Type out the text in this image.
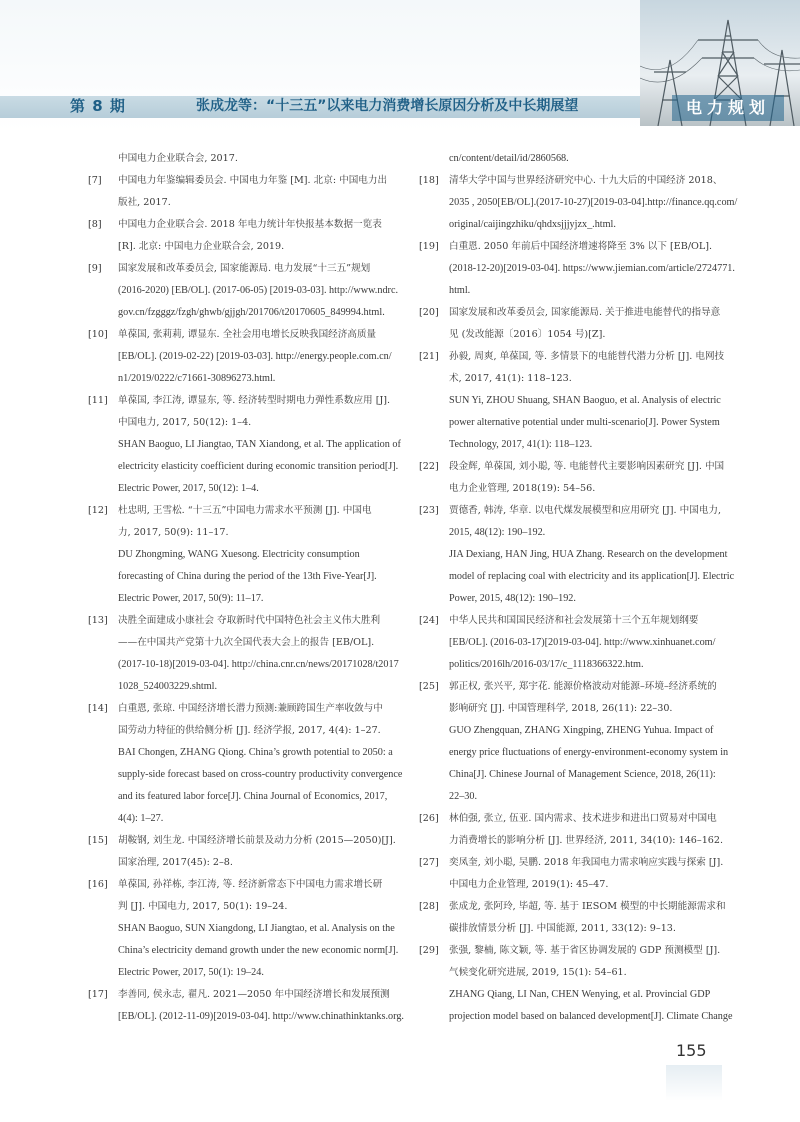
第 8 期	张成龙等：“十三五”以来电力消费增长原因分析及中长期展望	电力规划
中国电力企业联合会, 2017.
[7] 中国电力年鉴编辑委员会. 中国电力年鉴 [M]. 北京: 中国电力出
版社, 2017.
[8] 中国电力企业联合会. 2018 年电力统计年快报基本数据一览表
[R]. 北京: 中国电力企业联合会, 2019.
[9] 国家发展和改革委员会, 国家能源局. 电力发展“十三五”规划
(2016-2020) [EB/OL]. (2017-06-05) [2019-03-03]. http://www.ndrc.
gov.cn/fzgggz/fzgh/ghwb/gjjgh/201706/t20170605_849994.html.
[10] 单葆国, 张莉莉, 谭显东. 全社会用电增长反映我国经济高质量
[EB/OL]. (2019-02-22) [2019-03-03]. http://energy.people.com.cn/
n1/2019/0222/c71661-30896273.html.
[11] 单葆国, 李江涛, 谭显东, 等. 经济转型时期电力弹性系数应用 [J].
中国电力, 2017, 50(12): 1–4.
SHAN Baoguo, LI Jiangtao, TAN Xiandong, et al. The application of
electricity elasticity coefficient during economic transition period[J].
Electric Power, 2017, 50(12): 1–4.
[12] 杜忠明, 王雪松. “十三五”中国电力需求水平预测 [J]. 中国电
力, 2017, 50(9): 11–17.
DU Zhongming, WANG Xuesong. Electricity consumption
forecasting of China during the period of the 13th Five-Year[J].
Electric Power, 2017, 50(9): 11–17.
[13] 决胜全面建成小康社会 夺取新时代中国特色社会主义伟大胜利
——在中国共产党第十九次全国代表大会上的报告 [EB/OL].
(2017-10-18)[2019-03-04]. http://china.cnr.cn/news/20171028/t2017
1028_524003229.shtml.
[14] 白重恩, 张琼. 中国经济增长潜力预测:兼顾跨国生产率收敛与中
国劳动力特征的供给侧分析 [J]. 经济学报, 2017, 4(4): 1–27.
BAI Chongen, ZHANG Qiong. China’s growth potential to 2050: a
supply-side forecast based on cross-country productivity convergence
and its featured labor force[J]. China Journal of Economics, 2017,
4(4): 1–27.
[15] 胡鞍钢, 刘生龙. 中国经济增长前景及动力分析 (2015—2050)[J].
国家治理, 2017(45): 2–8.
[16] 单葆国, 孙祥栋, 李江涛, 等. 经济新常态下中国电力需求增长研
判 [J]. 中国电力, 2017, 50(1): 19–24.
SHAN Baoguo, SUN Xiangdong, LI Jiangtao, et al. Analysis on the
China’s electricity demand growth under the new economic norm[J].
Electric Power, 2017, 50(1): 19–24.
[17] 李善同, 侯永志, 翟凡. 2021—2050 年中国经济增长和发展预测
[EB/OL]. (2012-11-09)[2019-03-04]. http://www.chinathinktanks.org.
cn/content/detail/id/2860568.
[18] 清华大学中国与世界经济研究中心. 十九大后的中国经济 2018、
2035 , 2050[EB/OL].(2017-10-27)[2019-03-04].http://finance.qq.com/
original/caijingzhiku/qhdxsjjjyjzx_.html.
[19] 白重恩. 2050 年前后中国经济增速将降至 3% 以下 [EB/OL].
(2018-12-20)[2019-03-04]. https://www.jiemian.com/article/2724771.
html.
[20] 国家发展和改革委员会, 国家能源局. 关于推进电能替代的指导意
见 (发改能源〔2016〕1054 号)[Z].
[21] 孙毅, 周爽, 单葆国, 等. 多情景下的电能替代潜力分析 [J]. 电网技
术, 2017, 41(1): 118–123.
SUN Yi, ZHOU Shuang, SHAN Baoguo, et al. Analysis of electric
power alternative potential under multi-scenario[J]. Power System
Technology, 2017, 41(1): 118–123.
[22] 段金辉, 单葆国, 刘小聪, 等. 电能替代主要影响因素研究 [J]. 中国
电力企业管理, 2018(19): 54–56.
[23] 贾德香, 韩涛, 华章. 以电代煤发展模型和应用研究 [J]. 中国电力,
2015, 48(12): 190–192.
JIA Dexiang, HAN Jing, HUA Zhang. Research on the development
model of replacing coal with electricity and its application[J]. Electric
Power, 2015, 48(12): 190–192.
[24] 中华人民共和国国民经济和社会发展第十三个五年规划纲要
[EB/OL]. (2016-03-17)[2019-03-04]. http://www.xinhuanet.com/
politics/2016lh/2016-03/17/c_1118366322.htm.
[25] 郭正权, 张兴平, 郑宇花. 能源价格波动对能源–环境–经济系统的
影响研究 [J]. 中国管理科学, 2018, 26(11): 22–30.
GUO Zhengquan, ZHANG Xingping, ZHENG Yuhua. Impact of
energy price fluctuations of energy-environment-economy system in
China[J]. Chinese Journal of Management Science, 2018, 26(11):
22–30.
[26] 林伯强, 张立, 伍亚. 国内需求、技术进步和进出口贸易对中国电
力消费增长的影响分析 [J]. 世界经济, 2011, 34(10): 146–162.
[27] 奕凤奎, 刘小聪, 吴鹏. 2018 年我国电力需求响应实践与探索 [J].
中国电力企业管理, 2019(1): 45–47.
[28] 张成龙, 张阿玲, 毕超, 等. 基于 IESOM 模型的中长期能源需求和
碳排放情景分析 [J]. 中国能源, 2011, 33(12): 9–13.
[29] 张强, 黎楠, 陈文颖, 等. 基于省区协调发展的 GDP 预测模型 [J].
气候变化研究进展, 2019, 15(1): 54–61.
ZHANG Qiang, LI Nan, CHEN Wenying, et al. Provincial GDP
projection model based on balanced development[J]. Climate Change
155
